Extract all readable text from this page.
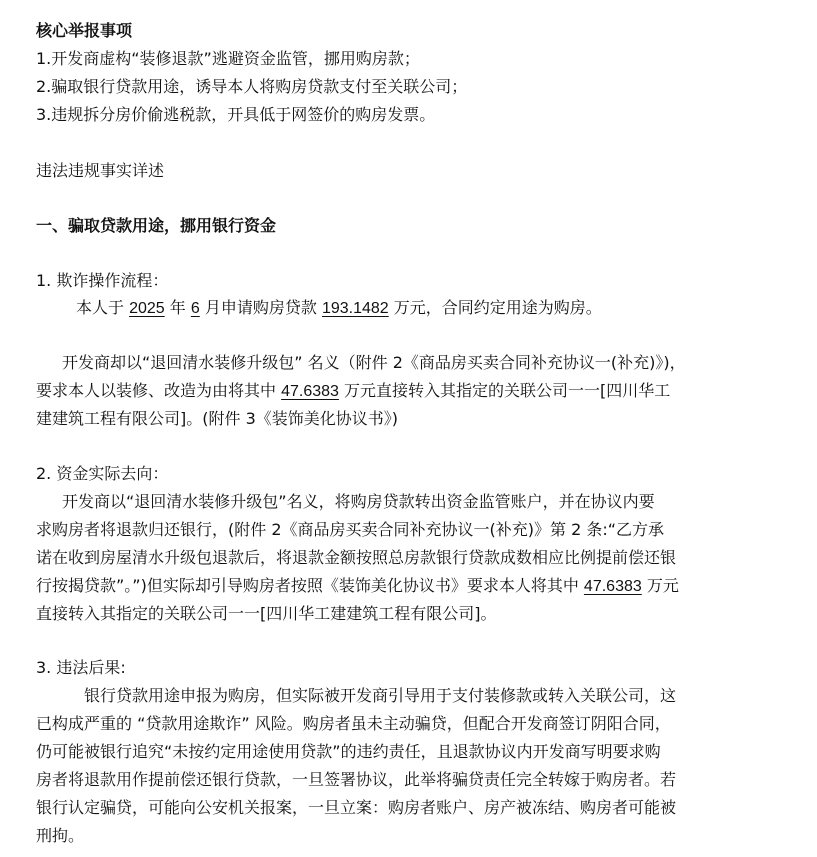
核心举报事项
1.开发商虚构“装修退款”逃避资金监管，挪用购房款；
2.骗取银行贷款用途，诱导本人将购房贷款支付至关联公司；
3.违规拆分房价偷逃税款，开具低于网签价的购房发票。
违法违规事实详述
一、骗取贷款用途，挪用银行资金
1. 欺诈操作流程：
本人于 2025 年 6 月申请购房贷款 193.1482 万元，合同约定用途为购房。
开发商却以“退回清水装修升级包” 名义（附件 2《商品房买卖合同补充协议一(补充)》)，
要求本人以装修、改造为由将其中 47.6383 万元直接转入其指定的关联公司一一[四川华工
建建筑工程有限公司]。(附件 3《装饰美化协议书》)
2. 资金实际去向：
开发商以“退回清水装修升级包”名义，将购房贷款转出资金监管账户，并在协议内要
求购房者将退款归还银行，(附件 2《商品房买卖合同补充协议一(补充)》第 2 条:“乙方承
诺在收到房屋清水升级包退款后，将退款金额按照总房款银行贷款成数相应比例提前偿还银
行按揭贷款”。”)但实际却引导购房者按照《装饰美化协议书》要求本人将其中 47.6383 万元
直接转入其指定的关联公司一一[四川华工建建筑工程有限公司]。
3. 违法后果:
银行贷款用途申报为购房，但实际被开发商引导用于支付装修款或转入关联公司，这
已构成严重的 “贷款用途欺诈” 风险。购房者虽未主动骗贷，但配合开发商签订阴阳合同，
仍可能被银行追究“未按约定用途使用贷款”的违约责任，且退款协议内开发商写明要求购
房者将退款用作提前偿还银行贷款，一旦签署协议，此举将骗贷责任完全转嫁于购房者。若
银行认定骗贷，可能向公安机关报案，一旦立案：购房者账户、房产被冻结、购房者可能被
刑拘。
